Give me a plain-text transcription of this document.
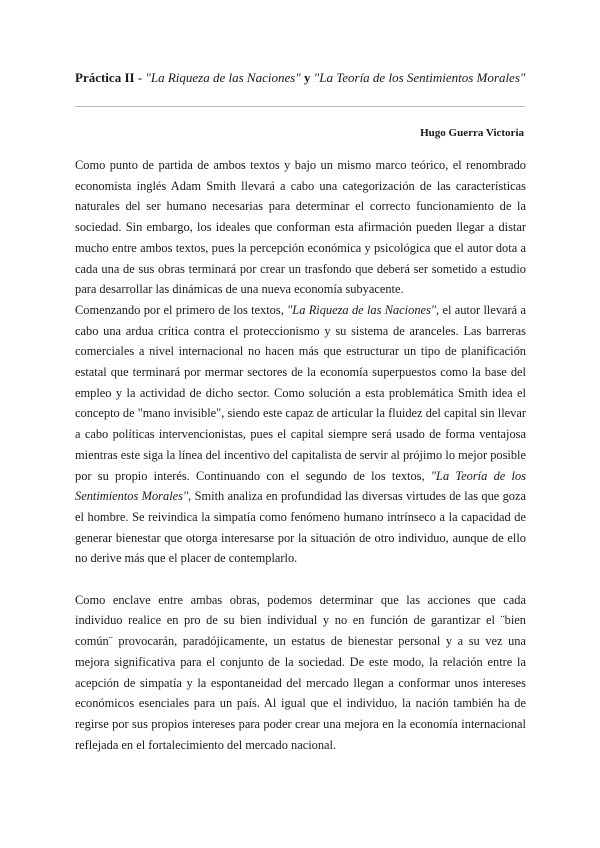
Práctica II - "La Riqueza de las Naciones" y "La Teoría de los Sentimientos Morales"
Hugo Guerra Victoria

Como punto de partida de ambos textos y bajo un mismo marco teórico, el renombrado economista inglés Adam Smith llevará a cabo una categorización de las características naturales del ser humano necesarias para determinar el correcto funcionamiento de la sociedad. Sin embargo, los ideales que conforman esta afirmación pueden llegar a distar mucho entre ambos textos, pues la percepción económica y psicológica que el autor dota a cada una de sus obras terminará por crear un trasfondo que deberá ser sometido a estudio para desarrollar las dinámicas de una nueva economía subyacente.

Comenzando por el primero de los textos, "La Riqueza de las Naciones", el autor llevará a cabo una ardua crítica contra el proteccionismo y su sistema de aranceles. Las barreras comerciales a nivel internacional no hacen más que estructurar un tipo de planificación estatal que terminará por mermar sectores de la economía superpuestos como la base del empleo y la actividad de dicho sector. Como solución a esta problemática Smith idea el concepto de "mano invisible", siendo este capaz de articular la fluidez del capital sin llevar a cabo políticas intervencionistas, pues el capital siempre será usado de forma ventajosa mientras este siga la línea del incentivo del capitalista de servir al prójimo lo mejor posible por su propio interés. Continuando con el segundo de los textos, "La Teoría de los Sentimientos Morales", Smith analiza en profundidad las diversas virtudes de las que goza el hombre. Se reivindica la simpatía como fenómeno humano intrínseco a la capacidad de generar bienestar que otorga interesarse por la situación de otro individuo, aunque de ello no derive más que el placer de contemplarlo.

Como enclave entre ambas obras, podemos determinar que las acciones que cada individuo realice en pro de su bien individual y no en función de garantizar el ¨bien común¨ provocarán, paradójicamente, un estatus de bienestar personal y a su vez una mejora significativa para el conjunto de la sociedad. De este modo, la relación entre la acepción de simpatía y la espontaneidad del mercado llegan a conformar unos intereses económicos esenciales para un país. Al igual que el individuo, la nación también ha de regirse por sus propios intereses para poder crear una mejora en la economía internacional reflejada en el fortalecimiento del mercado nacional.
